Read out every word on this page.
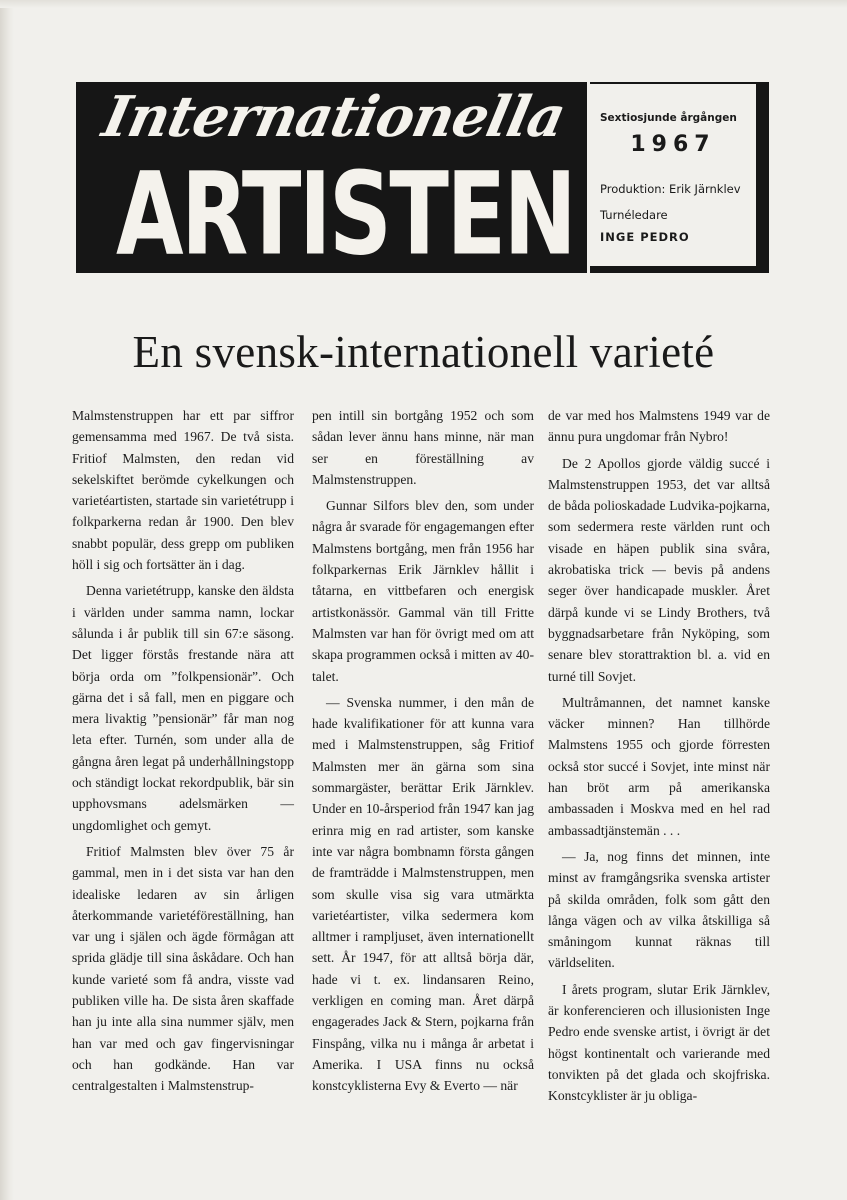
Internationella
ARTISTEN
Sextiosjunde årgången
1967
Produktion: Erik Järnklev
Turnéledare
INGE PEDRO
En svensk-internationell varieté

Malmstenstruppen har ett par siffror gemensamma med 1967. De två sista. Fritiof Malmsten, den redan vid sekelskiftet berömde cykelkungen och varietéartisten, startade sin varietétrupp i folkparkerna redan år 1900. Den blev snabbt populär, dess grepp om publiken höll i sig och fortsätter än i dag.

Denna varietétrupp, kanske den äldsta i världen under samma namn, lockar sålunda i år publik till sin 67:e säsong. Det ligger förstås frestande nära att börja orda om ”folkpensionär”. Och gärna det i så fall, men en piggare och mera livaktig ”pensionär” får man nog leta efter. Turnén, som under alla de gångna åren legat på underhållningstopp och ständigt lockat rekordpublik, bär sin upphovsmans adelsmärken — ungdomlighet och gemyt.

Fritiof Malmsten blev över 75 år gammal, men in i det sista var han den idealiske ledaren av sin årligen återkommande varietéföreställning, han var ung i själen och ägde förmågan att sprida glädje till sina åskådare. Och han kunde varieté som få andra, visste vad publiken ville ha. De sista åren skaffade han ju inte alla sina nummer själv, men han var med och gav fingervisningar och han godkände. Han var centralgestalten i Malmstenstrup-

pen intill sin bortgång 1952 och som sådan lever ännu hans minne, när man ser en föreställning av Malmstenstruppen.

Gunnar Silfors blev den, som under några år svarade för engagemangen efter Malmstens bortgång, men från 1956 har folkparkernas Erik Järnklev hållit i tåtarna, en vittbefaren och energisk artistkonässör. Gammal vän till Fritte Malmsten var han för övrigt med om att skapa programmen också i mitten av 40-talet.

— Svenska nummer, i den mån de hade kvalifikationer för att kunna vara med i Malmstenstruppen, såg Fritiof Malmsten mer än gärna som sina sommargäster, berättar Erik Järnklev. Under en 10-årsperiod från 1947 kan jag erinra mig en rad artister, som kanske inte var några bombnamn första gången de framträdde i Malmstenstruppen, men som skulle visa sig vara utmärkta varietéartister, vilka sedermera kom alltmer i rampljuset, även internationellt sett. År 1947, för att alltså börja där, hade vi t. ex. lindansaren Reino, verkligen en coming man. Året därpå engagerades Jack & Stern, pojkarna från Finspång, vilka nu i många år arbetat i Amerika. I USA finns nu också konstcyklisterna Evy & Everto — när

de var med hos Malmstens 1949 var de ännu pura ungdomar från Nybro!

De 2 Apollos gjorde väldig succé i Malmstenstruppen 1953, det var alltså de båda polioskadade Ludvika-pojkarna, som sedermera reste världen runt och visade en häpen publik sina svåra, akrobatiska trick — bevis på andens seger över handicapade muskler. Året därpå kunde vi se Lindy Brothers, två byggnadsarbetare från Nyköping, som senare blev storattraktion bl. a. vid en turné till Sovjet.

Multråmannen, det namnet kanske väcker minnen? Han tillhörde Malmstens 1955 och gjorde förresten också stor succé i Sovjet, inte minst när han bröt arm på amerikanska ambassaden i Moskva med en hel rad ambassadtjänstemän . . .

— Ja, nog finns det minnen, inte minst av framgångsrika svenska artister på skilda områden, folk som gått den långa vägen och av vilka åtskilliga så småningom kunnat räknas till världseliten.

I årets program, slutar Erik Järnklev, är konferencieren och illusionisten Inge Pedro ende svenske artist, i övrigt är det högst kontinentalt och varierande med tonvikten på det glada och skojfriska. Konstcyklister är ju obliga-
